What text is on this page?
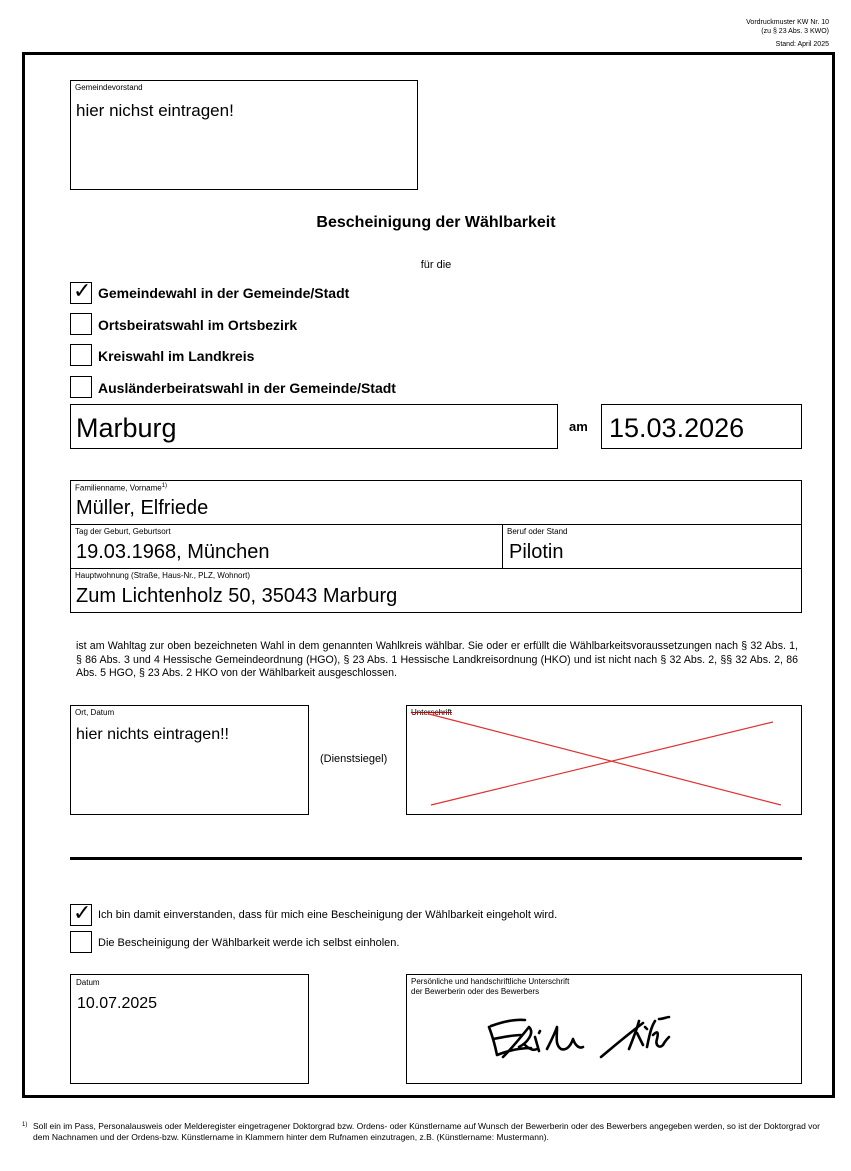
Vordruckmuster KW Nr. 10
(zu § 23 Abs. 3 KWO)
Stand: April 2025
Gemeindevorstand
hier nichst eintragen!
Bescheinigung der Wählbarkeit
für die
✓ Gemeindewahl in der Gemeinde/Stadt
Ortsbeiratswahl im Ortsbezirk
Kreiswahl im Landkreis
Ausländerbeiratswahl in der Gemeinde/Stadt
Marburg	am 15.03.2026
Familienname, Vorname$^{1)}$
Müller, Elfriede
Tag der Geburt, Geburtsort
19.03.1968, München
Beruf oder Stand
Pilotin
Hauptwohnung (Straße, Haus-Nr., PLZ, Wohnort)
Zum Lichtenholz 50, 35043 Marburg
ist am Wahltag zur oben bezeichneten Wahl in dem genannten Wahlkreis wählbar. Sie oder er erfüllt die Wählbarkeitsvoraussetzungen nach § 32 Abs. 1, § 86 Abs. 3 und 4 Hessische Gemeindeordnung (HGO), § 23 Abs. 1 Hessische Landkreisordnung (HKO) und ist nicht nach § 32 Abs. 2, §§ 32 Abs. 2, 86 Abs. 5 HGO, § 23 Abs. 2 HKO von der Wählbarkeit ausgeschlossen.
Ort, Datum
hier nichts eintragen!!
(Dienstsiegel)
Unterschrift
✓ Ich bin damit einverstanden, dass für mich eine Bescheinigung der Wählbarkeit eingeholt wird.
Die Bescheinigung der Wählbarkeit werde ich selbst einholen.
Datum
10.07.2025
Persönliche und handschriftliche Unterschrift
der Bewerberin oder des Bewerbers
1) Soll ein im Pass, Personalausweis oder Melderegister eingetragener Doktorgrad bzw. Ordens- oder Künstlername auf Wunsch der Bewerberin oder des Bewerbers angegeben werden, so ist der Doktorgrad vor dem Nachnamen und der Ordens-bzw. Künstlername in Klammern hinter dem Rufnamen einzutragen, z.B. (Künstlername: Mustermann).
